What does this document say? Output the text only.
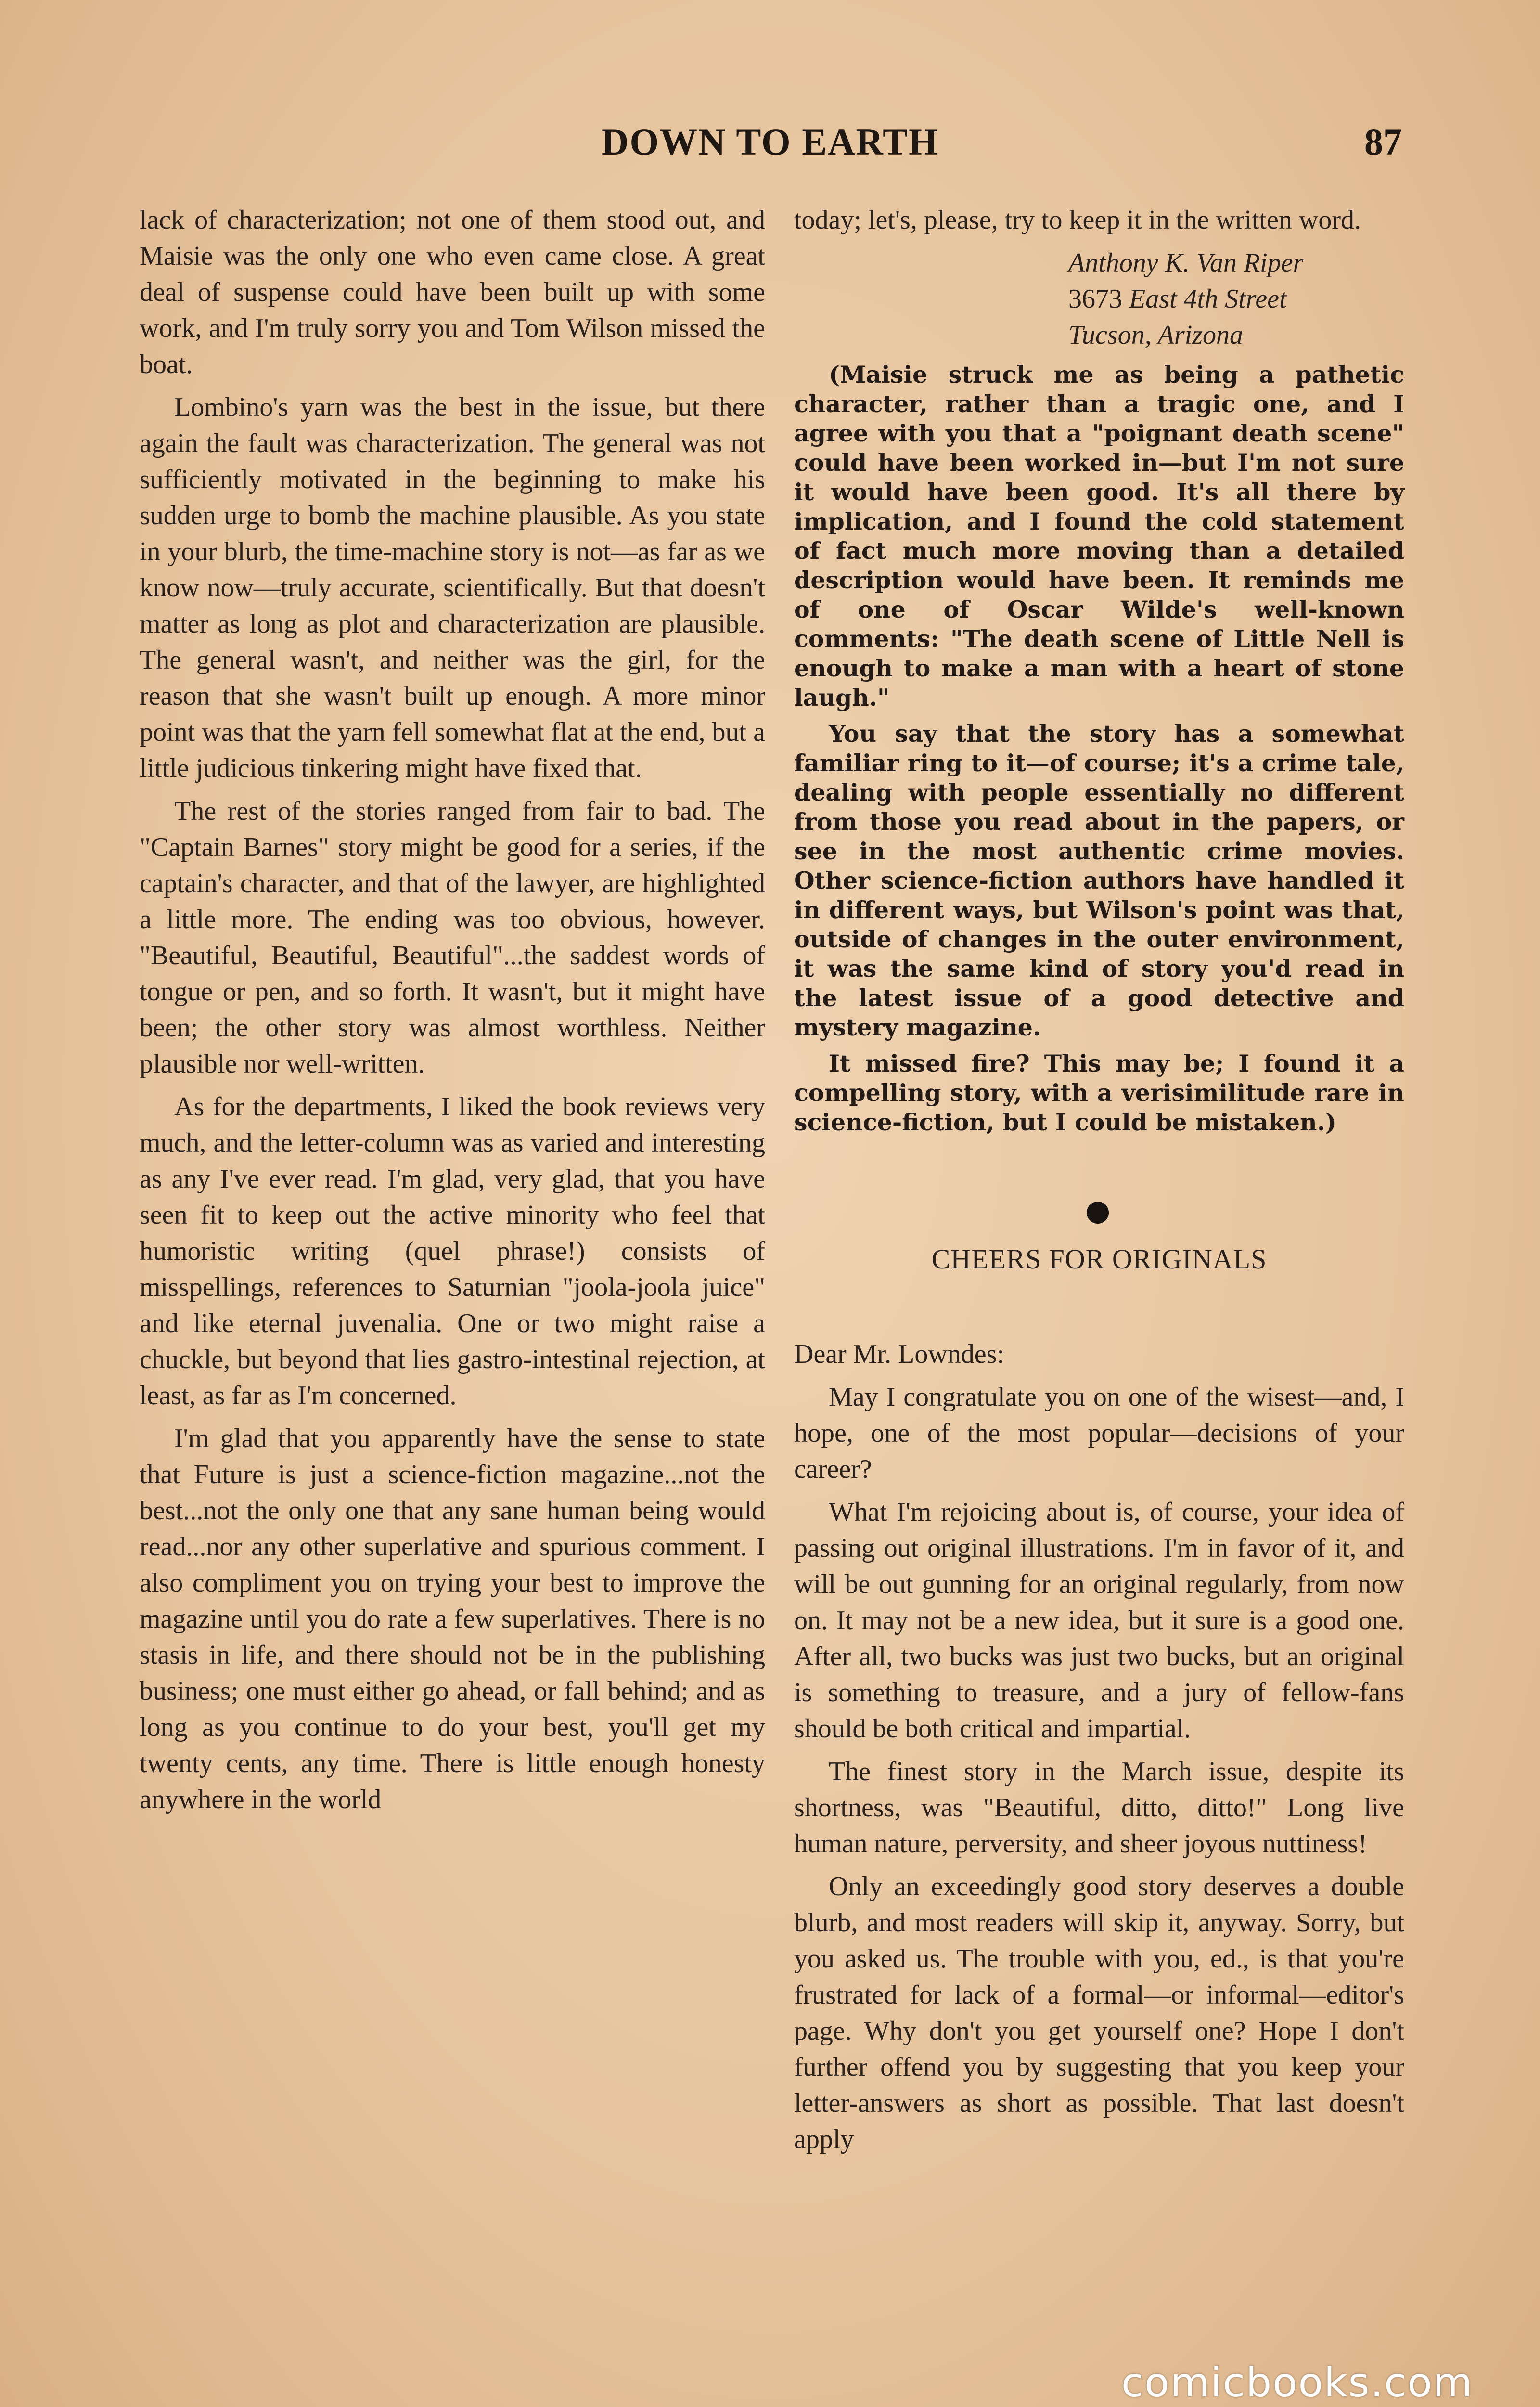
DOWN TO EARTH	87

lack of characterization; not one of them stood out, and Maisie was the only one who even came close. A great deal of suspense could have been built up with some work, and I'm truly sorry you and Tom Wilson missed the boat.

Lombino's yarn was the best in the issue, but there again the fault was characterization. The general was not sufficiently motivated in the beginning to make his sudden urge to bomb the machine plausible. As you state in your blurb, the time-machine story is not—as far as we know now—truly accurate, scientifically. But that doesn't matter as long as plot and characterization are plausible. The general wasn't, and neither was the girl, for the reason that she wasn't built up enough. A more minor point was that the yarn fell somewhat flat at the end, but a little judicious tinkering might have fixed that.

The rest of the stories ranged from fair to bad. The "Captain Barnes" story might be good for a series, if the captain's character, and that of the lawyer, are highlighted a little more. The ending was too obvious, however. "Beautiful, Beautiful, Beautiful"...the saddest words of tongue or pen, and so forth. It wasn't, but it might have been; the other story was almost worthless. Neither plausible nor well-written.

As for the departments, I liked the book reviews very much, and the letter-column was as varied and interesting as any I've ever read. I'm glad, very glad, that you have seen fit to keep out the active minority who feel that humoristic writing (quel phrase!) consists of misspellings, references to Saturnian "joola-joola juice" and like eternal juvenalia. One or two might raise a chuckle, but beyond that lies gastro-intestinal rejection, at least, as far as I'm concerned.

I'm glad that you apparently have the sense to state that Future is just a science-fiction magazine...not the best...not the only one that any sane human being would read...nor any other superlative and spurious comment. I also compliment you on trying your best to improve the magazine until you do rate a few superlatives. There is no stasis in life, and there should not be in the publishing business; one must either go ahead, or fall behind; and as long as you continue to do your best, you'll get my twenty cents, any time. There is little enough honesty anywhere in the world

today; let's, please, try to keep it in the written word.

Anthony K. Van Riper
3673 East 4th Street
Tucson, Arizona

(Maisie struck me as being a pathetic character, rather than a tragic one, and I agree with you that a "poignant death scene" could have been worked in—but I'm not sure it would have been good. It's all there by implication, and I found the cold statement of fact much more moving than a detailed description would have been. It reminds me of one of Oscar Wilde's well-known comments: "The death scene of Little Nell is enough to make a man with a heart of stone laugh."

You say that the story has a somewhat familiar ring to it—of course; it's a crime tale, dealing with people essentially no different from those you read about in the papers, or see in the most authentic crime movies. Other science-fiction authors have handled it in different ways, but Wilson's point was that, outside of changes in the outer environment, it was the same kind of story you'd read in the latest issue of a good detective and mystery magazine.

It missed fire? This may be; I found it a compelling story, with a verisimilitude rare in science-fiction, but I could be mistaken.)

CHEERS FOR ORIGINALS

Dear Mr. Lowndes:

May I congratulate you on one of the wisest—and, I hope, one of the most popular—decisions of your career?

What I'm rejoicing about is, of course, your idea of passing out original illustrations. I'm in favor of it, and will be out gunning for an original regularly, from now on. It may not be a new idea, but it sure is a good one. After all, two bucks was just two bucks, but an original is something to treasure, and a jury of fellow-fans should be both critical and impartial.

The finest story in the March issue, despite its shortness, was "Beautiful, ditto, ditto!" Long live human nature, perversity, and sheer joyous nuttiness!

Only an exceedingly good story deserves a double blurb, and most readers will skip it, anyway. Sorry, but you asked us. The trouble with you, ed., is that you're frustrated for lack of a formal—or informal—editor's page. Why don't you get yourself one? Hope I don't further offend you by suggesting that you keep your letter-answers as short as possible. That last doesn't apply

comicbooks.com
